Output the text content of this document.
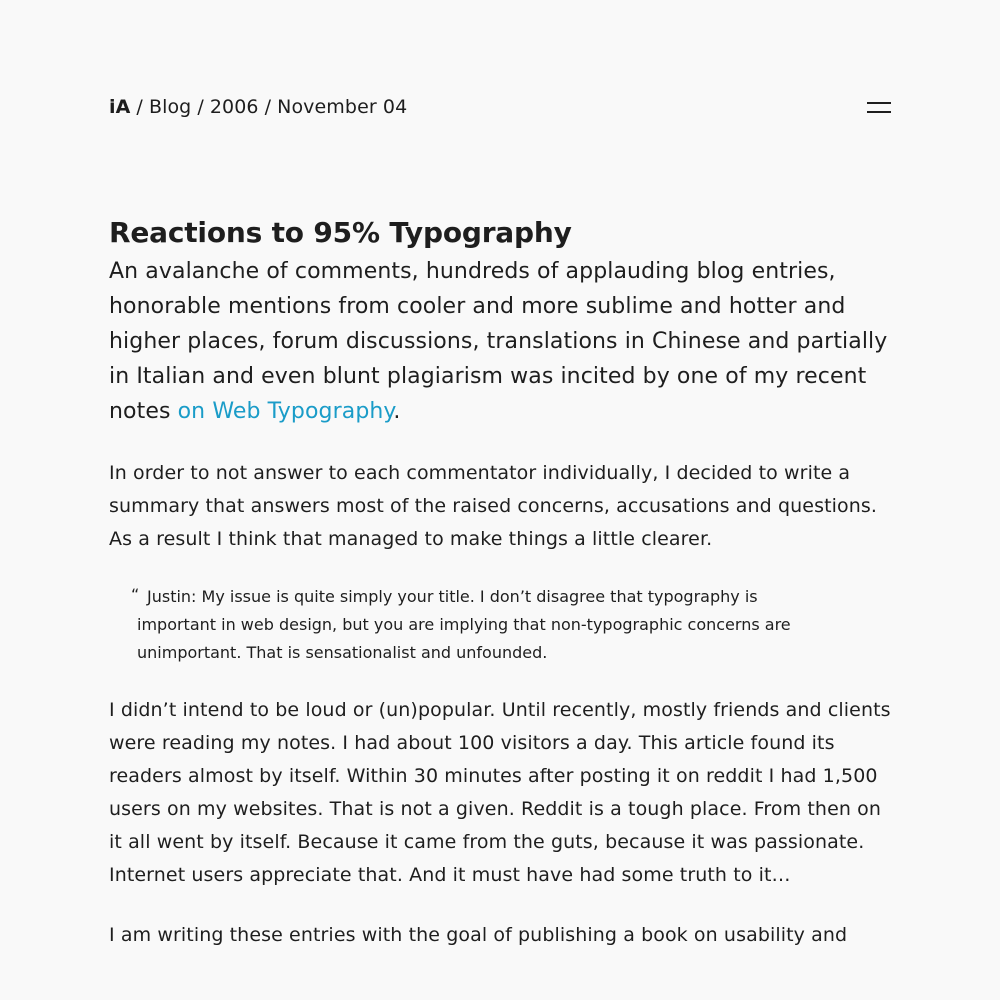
iA / Blog / 2006 / November 04
Reactions to 95% Typography

An avalanche of comments, hundreds of applauding blog entries, honorable mentions from cooler and more sublime and hotter and higher places, forum discussions, translations in Chinese and partially in Italian and even blunt plagiarism was incited by one of my recent notes on Web Typography.

In order to not answer to each commentator individually, I decided to write a summary that answers most of the raised concerns, accusations and questions. As a result I think that managed to make things a little clearer.

“ Justin: My issue is quite simply your title. I don’t disagree that typography is important in web design, but you are implying that non-typographic concerns are unimportant. That is sensationalist and unfounded.

I didn’t intend to be loud or (un)popular. Until recently, mostly friends and clients were reading my notes. I had about 100 visitors a day. This article found its readers almost by itself. Within 30 minutes after posting it on reddit I had 1,500 users on my websites. That is not a given. Reddit is a tough place. From then on it all went by itself. Because it came from the guts, because it was passionate. Internet users appreciate that. And it must have had some truth to it…

I am writing these entries with the goal of publishing a book on usability and
